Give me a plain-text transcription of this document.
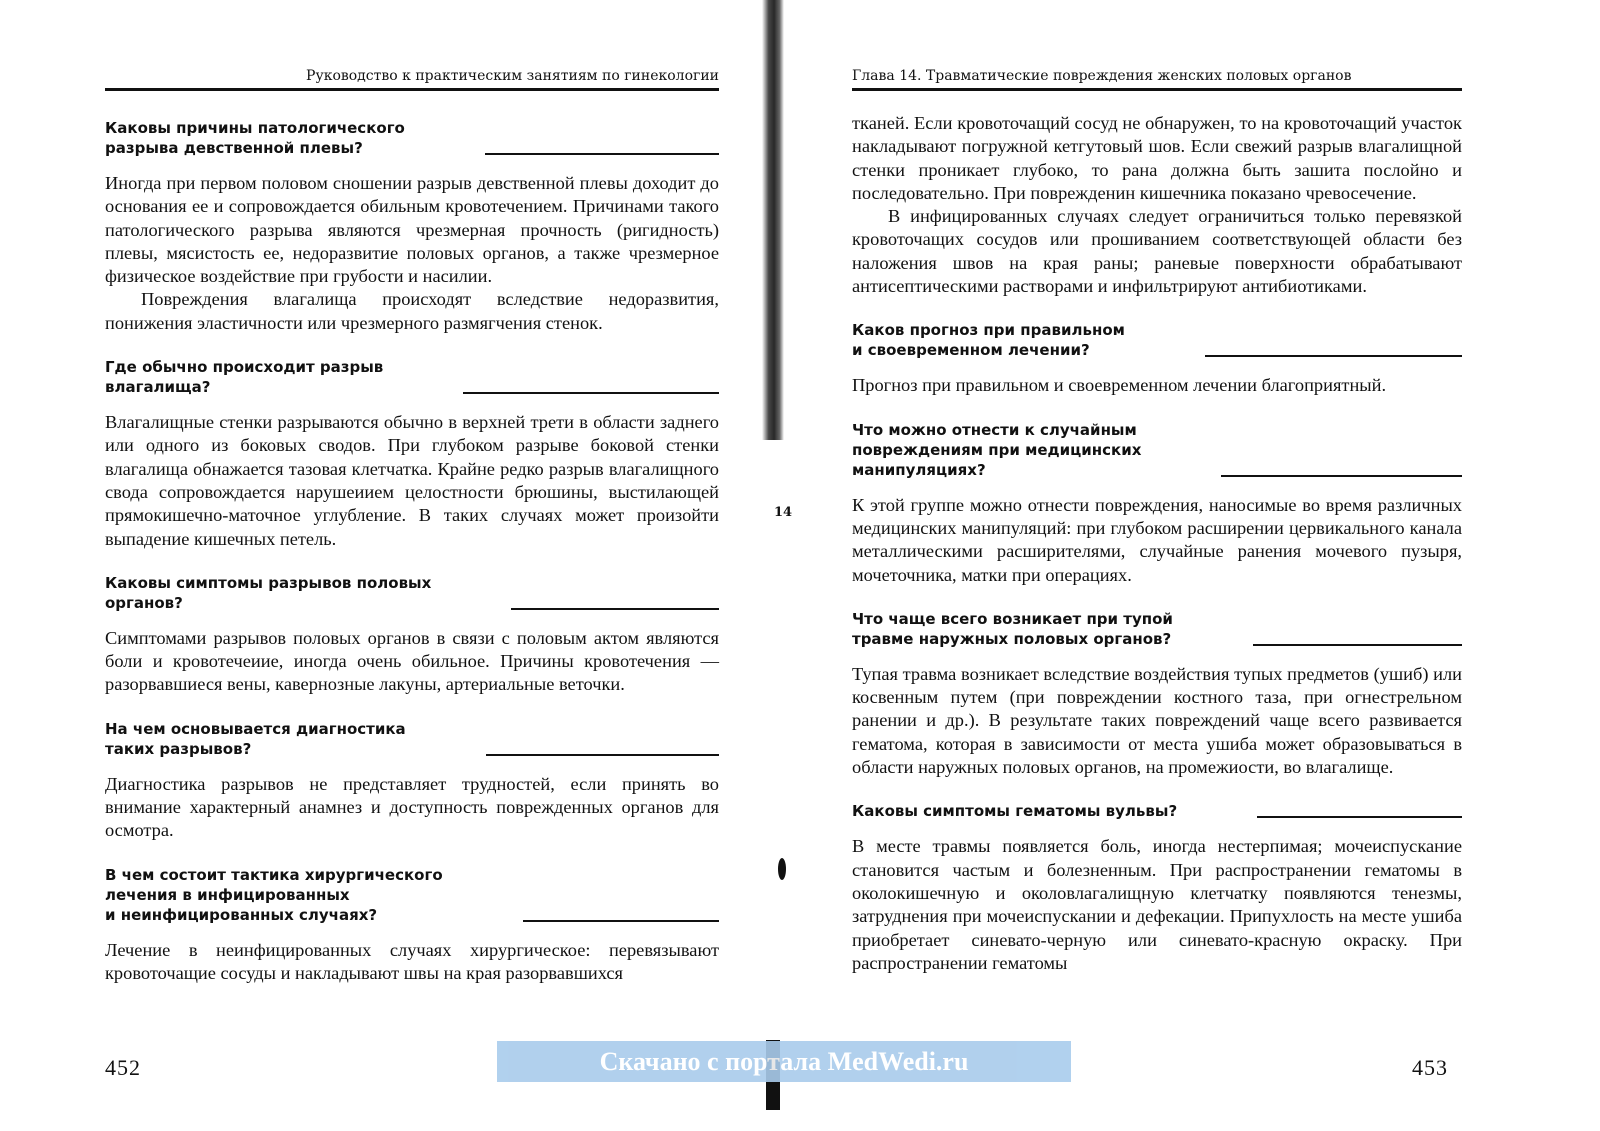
Руководство к практическим занятиям по гинекологии
Каковы причины патологического
разрыва девственной плевы?

Иногда при первом половом сношении разрыв девственной плевы доходит до основания ее и сопровождается обильным кровотечением. Причинами такого патологического разрыва являются чрезмерная прочность (ригидность) плевы, мясистость ее, недоразвитие половых органов, а также чрезмерное физическое воздействие при грубости и насилии.

Повреждения влагалища происходят вследствие недоразвития, понижения эластичности или чрезмерного размягчения стенок.

Где обычно происходит разрыв
влагалища?

Влагалищные стенки разрываются обычно в верхней трети в области заднего или одного из боковых сводов. При глубоком разрыве боковой стенки влагалища обнажается тазовая клетчатка. Крайне редко разрыв влагалищного свода сопровождается нарушеиием целостности брюшины, выстилающей прямокишечно-маточное углубление. В таких случаях может произойти выпадение кишечных петель.

Каковы симптомы разрывов половых
органов?

Симптомами разрывов половых органов в связи с половым актом являются боли и кровотечеиие, иногда очень обильное. Причины кровотечения — разорвавшиеся вены, кавернозные лакуны, артериальные веточки.

На чем основывается диагностика
таких разрывов?

Диагностика разрывов не представляет трудностей, если принять во внимание характерный анамнез и доступность поврежденных органов для осмотра.

В чем состоит тактика хирургического
лечения в инфицированных
и неинфицированных случаях?

Лечение в неинфицированных случаях хирургическое: перевязывают кровоточащие сосуды и накладывают швы на края разорвавшихся

452
14
Глава 14. Травматические повреждения женских половых органов

тканей. Если кровоточащий сосуд не обнаружен, то на кровоточащий участок накладывают погружной кетгутовый шов. Если свежий разрыв влагалищной стенки проникает глубоко, то рана должна быть зашита послойно и последовательно. При поврежденин кишечника показано чревосечение.

В инфицированных случаях следует ограничиться только перевязкой кровоточащих сосудов или прошиванием соответствующей области без наложения швов на края раны; раневые поверхности обрабатывают антисептическими растворами и инфильтрируют антибиотиками.

Каков прогноз при правильном
и своевременном лечении?

Прогноз при правильном и своевременном лечении благоприятный.

Что можно отнести к случайным
повреждениям при медицинских
манипуляциях?

К этой группе можно отнести повреждения, наносимые во время различных медицинских манипуляций: при глубоком расширении цервикального канала металлическими расширителями, случайные ранения мочевого пузыря, мочеточника, матки при операциях.

Что чаще всего возникает при тупой
травме наружных половых органов?

Тупая травма возникает вследствие воздействия тупых предметов (ушиб) или косвенным путем (при повреждении костного таза, при огнестрельном ранении и др.). В результате таких повреждений чаще всего развивается гематома, которая в зависимости от места ушиба может образовываться в области наружных половых органов, на промежиости, во влагалище.

Каковы симптомы гематомы вульвы?

В месте травмы появляется боль, иногда нестерпимая; мочеиспускание становится частым и болезненным. При распространении гематомы в околокишечную и околовлагалищную клетчатку появляются тенезмы, затруднения при мочеиспускании и дефекации. Припухлость на месте ушиба приобретает синевато-черную или синевато-красную окраску. При распространении гематомы

453
Скачано с портала MedWedi.ru
